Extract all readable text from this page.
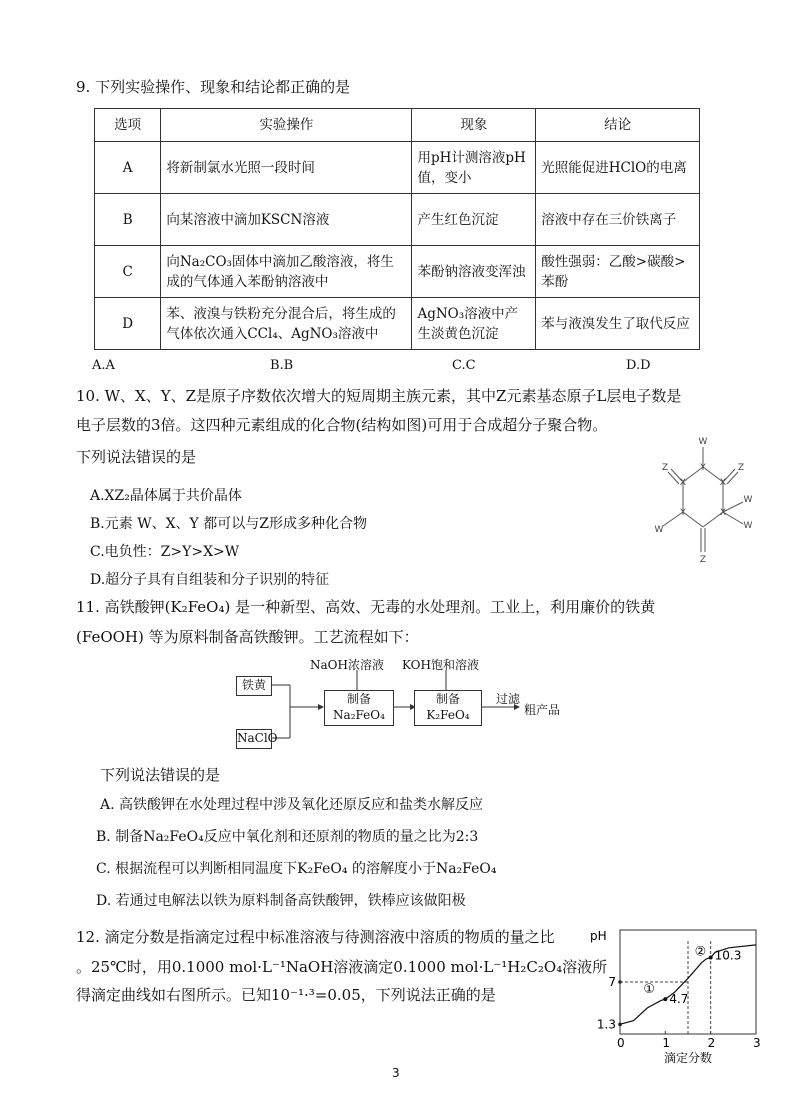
9. 下列实验操作、现象和结论都正确的是
选项	实验操作	现象	结论
A	将新制氯水光照一段时间	用pH计测溶液pH值，变小	光照能促进HClO的电离
B	向某溶液中滴加KSCN溶液	产生红色沉淀	溶液中存在三价铁离子
C	向Na₂CO₃固体中滴加乙酸溶液，将生成的气体通入苯酚钠溶液中	苯酚钠溶液变浑浊	酸性强弱：乙酸>碳酸>苯酚
D	苯、液溴与铁粉充分混合后，将生成的气体依次通入CCl₄、AgNO₃溶液中	AgNO₃溶液中产生淡黄色沉淀	苯与液溴发生了取代反应
A.A	B.B	C.C	D.D
10. W、X、Y、Z是原子序数依次增大的短周期主族元素，其中Z元素基态原子L层电子数是
电子层数的3倍。这四种元素组成的化合物(结构如图)可用于合成超分子聚合物。
下列说法错误的是
A.XZ₂晶体属于共价晶体
B.元素 W、X、Y 都可以与Z形成多种化合物
C.电负性：Z>Y>X>W
D.超分子具有自组装和分子识别的特征
W
Y
X	X
Y	X
Z	Z
W
W
W
Z
11. 高铁酸钾(K₂FeO₄) 是一种新型、高效、无毒的水处理剂。工业上，利用廉价的铁黄
(FeOOH) 等为原料制备高铁酸钾。工艺流程如下：
铁黄
NaClO
NaOH浓溶液 KOH饱和溶液
制备
Na₂FeO₄
制备
K₂FeO₄
过滤
粗产品
下列说法错误的是
A. 高铁酸钾在水处理过程中涉及氧化还原反应和盐类水解反应
B. 制备Na₂FeO₄反应中氧化剂和还原剂的物质的量之比为2:3
C. 根据流程可以判断相同温度下K₂FeO₄ 的溶解度小于Na₂FeO₄
D. 若通过电解法以铁为原料制备高铁酸钾，铁棒应该做阳极
12. 滴定分数是指滴定过程中标准溶液与待测溶液中溶质的物质的量之比
。25℃时，用0.1000 mol·L⁻¹NaOH溶液滴定0.1000 mol·L⁻¹H₂C₂O₄溶液所
得滴定曲线如右图所示。已知10⁻¹·³=0.05，下列说法正确的是
pH
滴定分数
0	1	2	3
1.3
7
①
4.7
② 10.3
3
